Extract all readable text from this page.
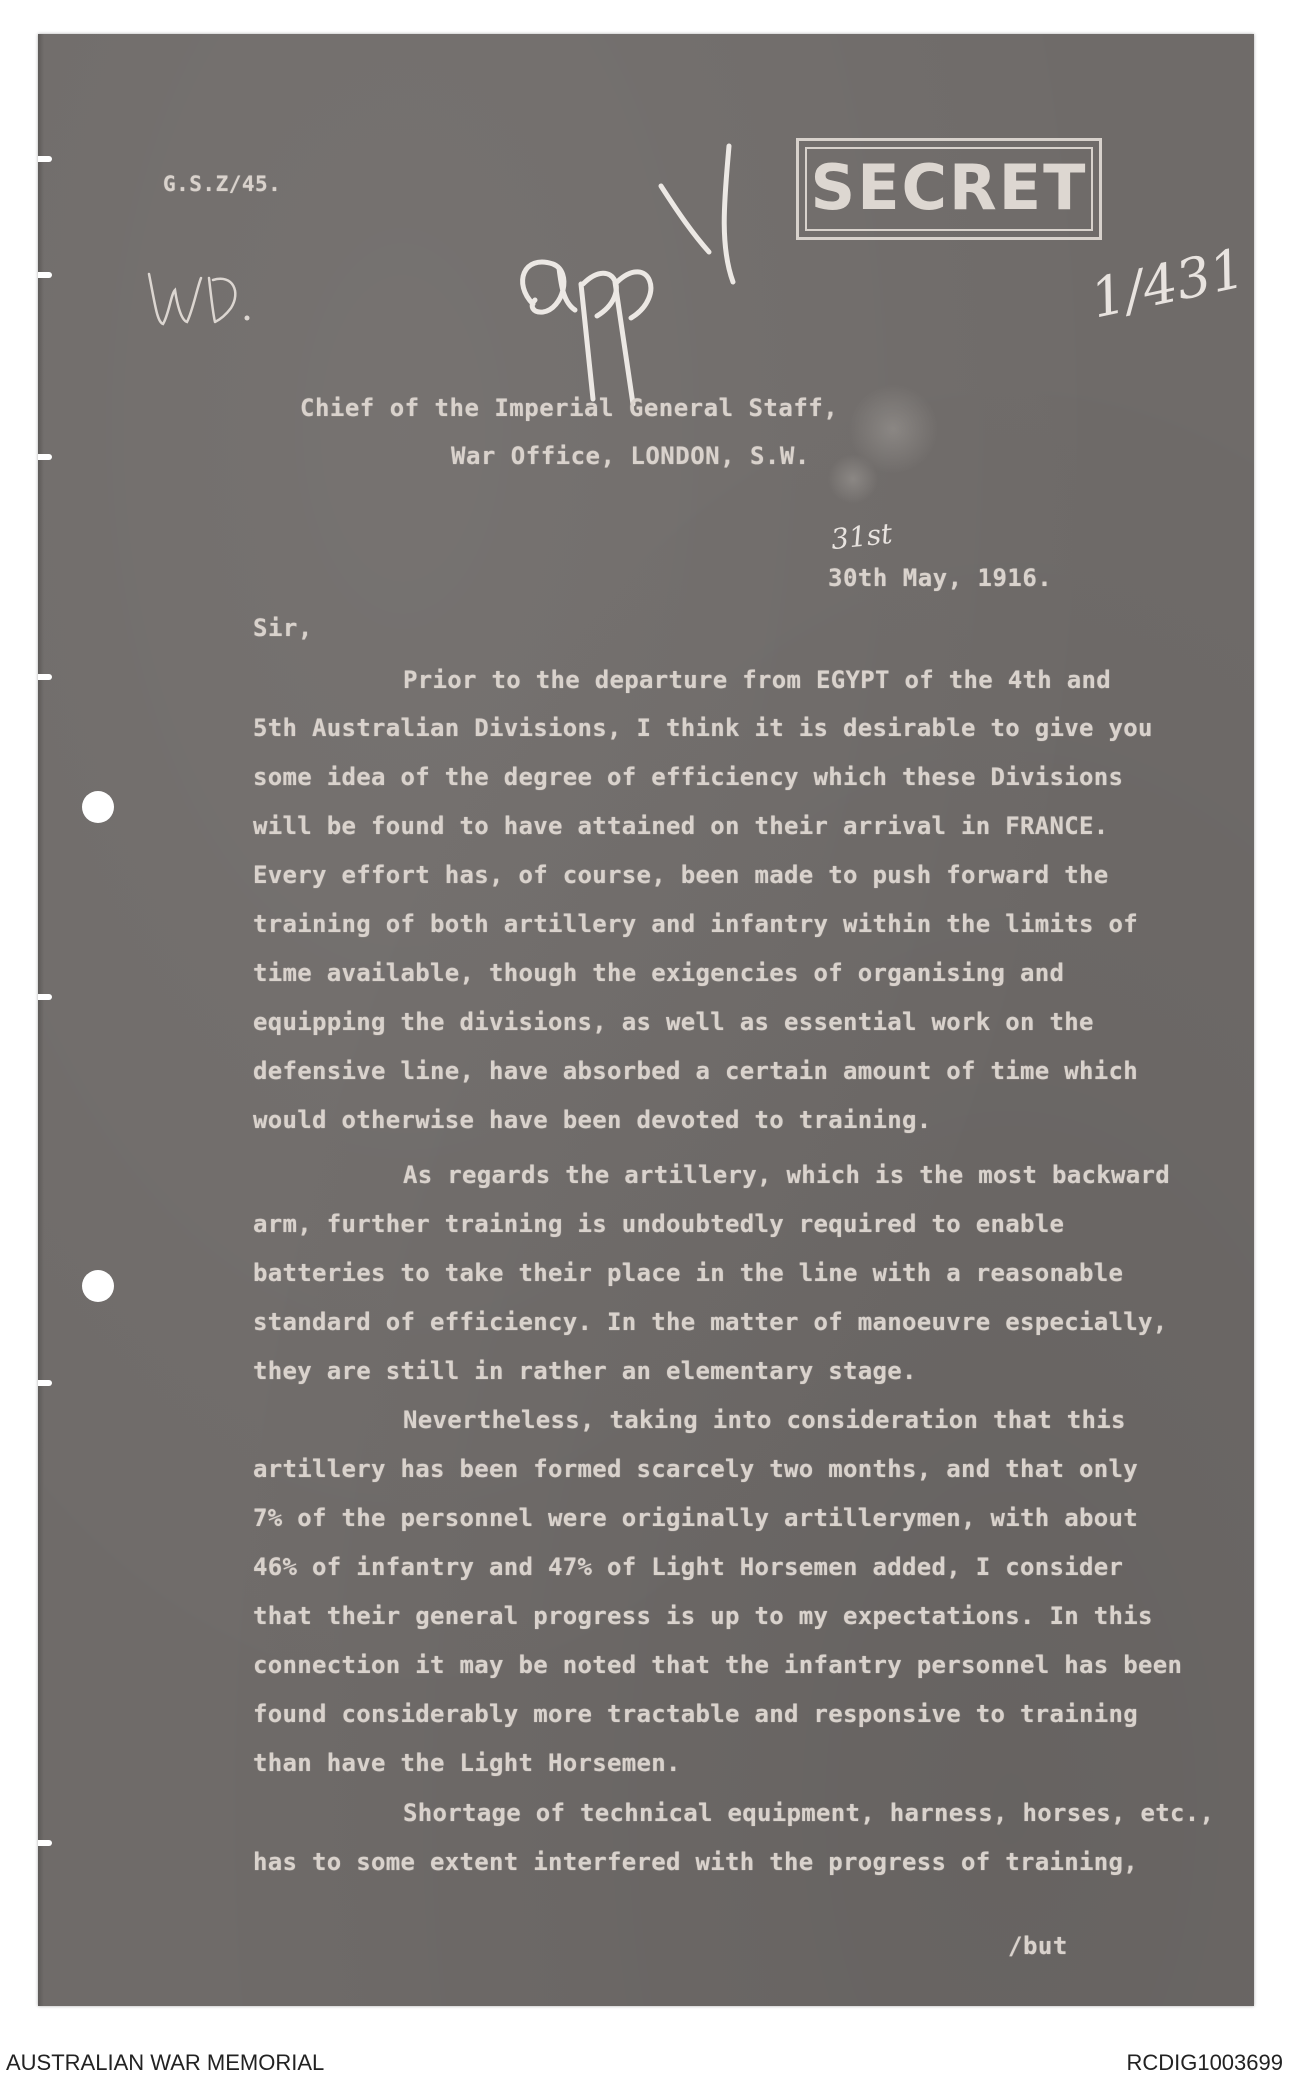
G.S.Z/45.	SECRET
1/431
Chief of the Imperial General Staff,
War Office, LONDON, S.W.
31st
30th May, 1916.
Sir,
Prior to the departure from EGYPT of the 4th and
5th Australian Divisions, I think it is desirable to give you
some idea of the degree of efficiency which these Divisions
will be found to have attained on their arrival in FRANCE.
Every effort has, of course, been made to push forward the
training of both artillery and infantry within the limits of
time available, though the exigencies of organising and
equipping the divisions, as well as essential work on the
defensive line, have absorbed a certain amount of time which
would otherwise have been devoted to training.
As regards the artillery, which is the most backward
arm, further training is undoubtedly required to enable
batteries to take their place in the line with a reasonable
standard of efficiency. In the matter of manoeuvre especially,
they are still in rather an elementary stage.
Nevertheless, taking into consideration that this
artillery has been formed scarcely two months, and that only
7% of the personnel were originally artillerymen, with about
46% of infantry and 47% of Light Horsemen added, I consider
that their general progress is up to my expectations. In this
connection it may be noted that the infantry personnel has been
found considerably more tractable and responsive to training
than have the Light Horsemen.
Shortage of technical equipment, harness, horses, etc.,
has to some extent interfered with the progress of training,
/but
AUSTRALIAN WAR MEMORIAL	RCDIG1003699
